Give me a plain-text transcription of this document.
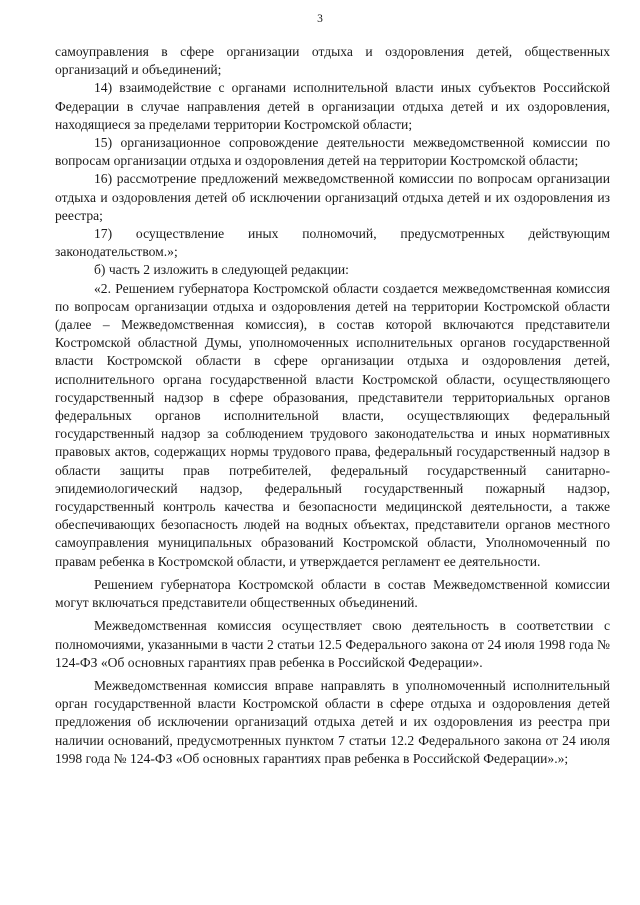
3

самоуправления в сфере организации отдыха и оздоровления детей, общественных организаций и объединений;

14) взаимодействие с органами исполнительной власти иных субъектов Российской Федерации в случае направления детей в организации отдыха детей и их оздоровления, находящиеся за пределами территории Костромской области;

15) организационное сопровождение деятельности межведомственной комиссии по вопросам организации отдыха и оздоровления детей на территории Костромской области;

16) рассмотрение предложений межведомственной комиссии по вопросам организации отдыха и оздоровления детей об исключении организаций отдыха детей и их оздоровления из реестра;

17) осуществление иных полномочий, предусмотренных действующим законодательством.»;

б) часть 2 изложить в следующей редакции:

«2. Решением губернатора Костромской области создается межведомственная комиссия по вопросам организации отдыха и оздоровления детей на территории Костромской области (далее – Межведомственная комиссия), в состав которой включаются представители Костромской областной Думы, уполномоченных исполнительных органов государственной власти Костромской области в сфере организации отдыха и оздоровления детей, исполнительного органа государственной власти Костромской области, осуществляющего государственный надзор в сфере образования, представители территориальных органов федеральных органов исполнительной власти, осуществляющих федеральный государственный надзор за соблюдением трудового законодательства и иных нормативных правовых актов, содержащих нормы трудового права, федеральный государственный надзор в области защиты прав потребителей, федеральный государственный санитарно-эпидемиологический надзор, федеральный государственный пожарный надзор, государственный контроль качества и безопасности медицинской деятельности, а также обеспечивающих безопасность людей на водных объектах, представители органов местного самоуправления муниципальных образований Костромской области, Уполномоченный по правам ребенка в Костромской области, и утверждается регламент ее деятельности.

Решением губернатора Костромской области в состав Межведомственной комиссии могут включаться представители общественных объединений.

Межведомственная комиссия осуществляет свою деятельность в соответствии с полномочиями, указанными в части 2 статьи 12.5 Федерального закона от 24 июля 1998 года № 124-ФЗ «Об основных гарантиях прав ребенка в Российской Федерации».

Межведомственная комиссия вправе направлять в уполномоченный исполнительный орган государственной власти Костромской области в сфере отдыха и оздоровления детей предложения об исключении организаций отдыха детей и их оздоровления из реестра при наличии оснований, предусмотренных пунктом 7 статьи 12.2 Федерального закона от 24 июля 1998 года № 124-ФЗ «Об основных гарантиях прав ребенка в Российской Федерации».»;
